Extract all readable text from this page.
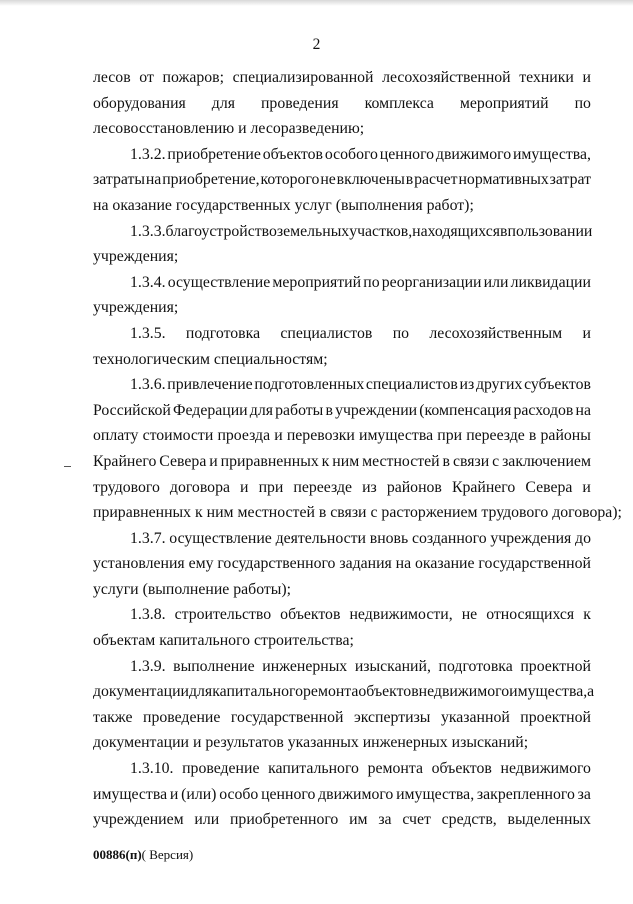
2
лесов от пожаров; специализированной лесохозяйственной техники и
оборудования для проведения комплекса мероприятий по
лесовосстановлению и лесоразведению;
1.3.2. приобретение объектов особого ценного движимого имущества,
затраты на приобретение, которого не включены в расчет нормативных затрат
на оказание государственных услуг (выполнения работ);
1.3.3. благоустройство земельных участков, находящихся в пользовании
учреждения;
1.3.4. осуществление мероприятий по реорганизации или ликвидации
учреждения;
1.3.5. подготовка специалистов по лесохозяйственным и
технологическим специальностям;
1.3.6. привлечение подготовленных специалистов из других субъектов
Российской Федерации для работы в учреждении (компенсация расходов на
оплату стоимости проезда и перевозки имущества при переезде в районы
Крайнего Севера и приравненных к ним местностей в связи с заключением
трудового договора и при переезде из районов Крайнего Севера и
приравненных к ним местностей в связи с расторжением трудового договора);
1.3.7. осуществление деятельности вновь созданного учреждения до
установления ему государственного задания на оказание государственной
услуги (выполнение работы);
1.3.8. строительство объектов недвижимости, не относящихся к
объектам капитального строительства;
1.3.9. выполнение инженерных изысканий, подготовка проектной
документации для капитального ремонта объектов недвижимого имущества, а
также проведение государственной экспертизы указанной проектной
документации и результатов указанных инженерных изысканий;
1.3.10. проведение капитального ремонта объектов недвижимого
имущества и (или) особо ценного движимого имущества, закрепленного за
учреждением или приобретенного им за счет средств, выделенных
00886(п)( Версия)
